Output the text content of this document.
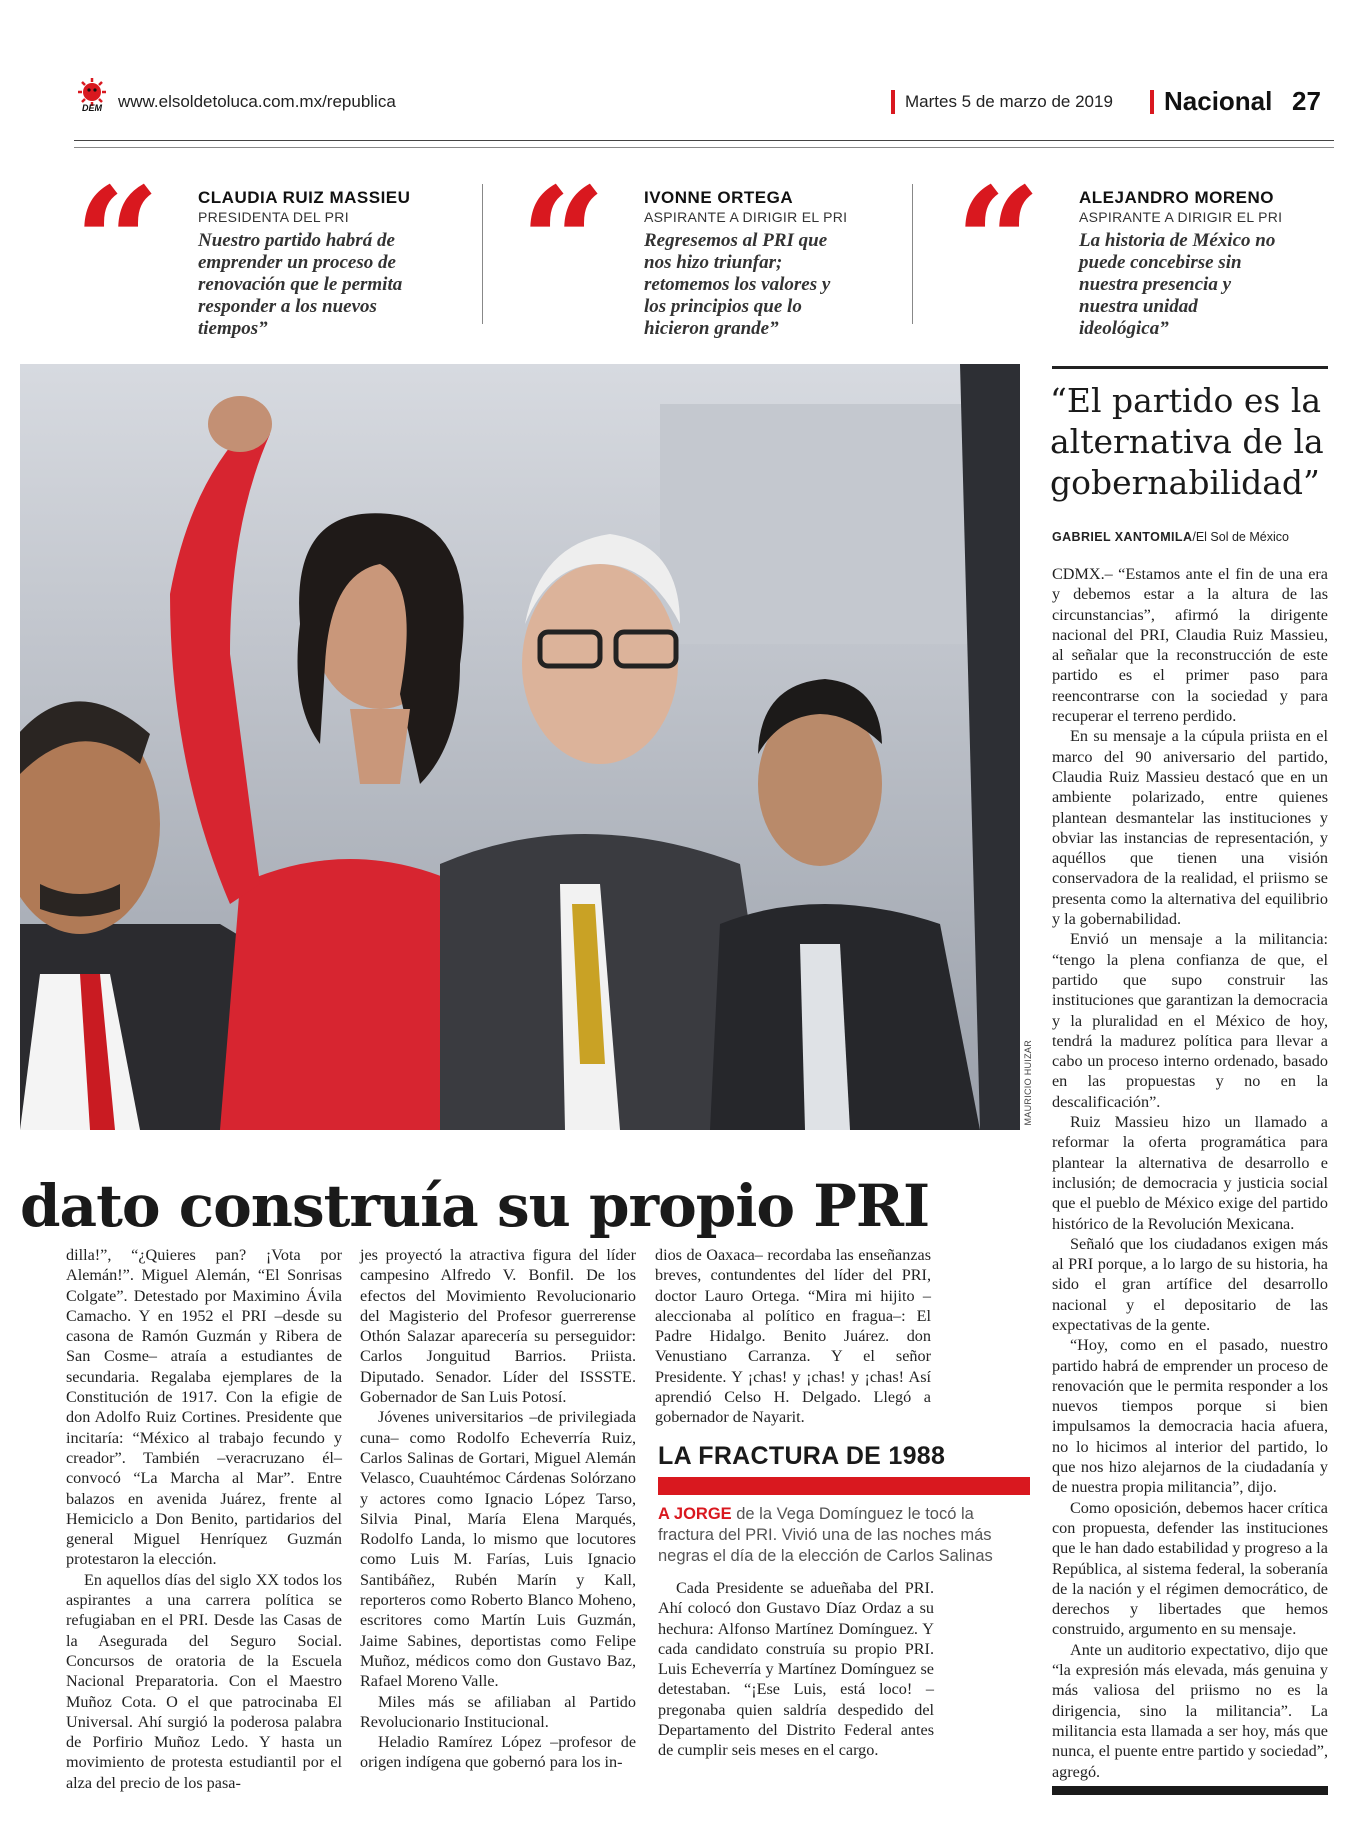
DEM www.elsoldetoluca.com.mx/republica	Martes 5 de marzo de 2019 Nacional 27
“	CLAUDIA RUIZ MASSIEU
PRESIDENTA DEL PRI
Nuestro partido habrá de
emprender un proceso de
renovación que le permita
responder a los nuevos
tiempos”	“	IVONNE ORTEGA
ASPIRANTE A DIRIGIR EL PRI
Regresemos al PRI que
nos hizo triunfar;
retomemos los valores y
los principios que lo
hicieron grande”	“	ALEJANDRO MORENO
ASPIRANTE A DIRIGIR EL PRI
La historia de México no
puede concebirse sin
nuestra presencia y
nuestra unidad
ideológica”
MAURICIO HUIZAR
dato construía su propio PRI

dilla!”, “¿Quieres pan? ¡Vota por Alemán!”. Miguel Alemán, “El Sonrisas Colgate”. Detestado por Maximino Ávila Camacho. Y en 1952 el PRI –desde su casona de Ramón Guzmán y Ribera de San Cosme– atraía a estudiantes de secundaria. Regalaba ejemplares de la Constitución de 1917. Con la efigie de don Adolfo Ruiz Cortines. Presidente que incitaría: “México al trabajo fecundo y creador”. También –veracruzano él– convocó “La Marcha al Mar”. Entre balazos en avenida Juárez, frente al Hemiciclo a Don Benito, partidarios del general Miguel Henríquez Guzmán protestaron la elección.

En aquellos días del siglo XX todos los aspirantes a una carrera política se refugiaban en el PRI. Desde las Casas de la Asegurada del Seguro Social. Concursos de oratoria de la Escuela Nacional Preparatoria. Con el Maestro Muñoz Cota. O el que patrocinaba El Universal. Ahí surgió la poderosa palabra de Porfirio Muñoz Ledo. Y hasta un movimiento de protesta estudiantil por el alza del precio de los pasa-

jes proyectó la atractiva figura del líder campesino Alfredo V. Bonfil. De los efectos del Movimiento Revolucionario del Magisterio del Profesor guerrerense Othón Salazar aparecería su perseguidor: Carlos Jonguitud Barrios. Priista. Diputado. Senador. Líder del ISSSTE. Gobernador de San Luis Potosí.

Jóvenes universitarios –de privilegiada cuna– como Rodolfo Echeverría Ruiz, Carlos Salinas de Gortari, Miguel Alemán Velasco, Cuauhtémoc Cárdenas Solórzano y actores como Ignacio López Tarso, Silvia Pinal, María Elena Marqués, Rodolfo Landa, lo mismo que locutores como Luis M. Farías, Luis Ignacio Santibáñez, Rubén Marín y Kall, reporteros como Roberto Blanco Moheno, escritores como Martín Luis Guzmán, Jaime Sabines, deportistas como Felipe Muñoz, médicos como don Gustavo Baz, Rafael Moreno Valle.

Miles más se afiliaban al Partido Revolucionario Institucional.

Heladio Ramírez López –profesor de origen indígena que gobernó para los in-

dios de Oaxaca– recordaba las enseñanzas breves, contundentes del líder del PRI, doctor Lauro Ortega. “Mira mi hijito –aleccionaba al político en fragua–: El Padre Hidalgo. Benito Juárez. don Venustiano Carranza. Y el señor Presidente. Y ¡chas! y ¡chas! y ¡chas! Así aprendió Celso H. Delgado. Llegó a gobernador de Nayarit.

LA FRACTURA DE 1988
A JORGE de la Vega Domínguez le tocó la fractura del PRI. Vivió una de las noches más negras el día de la elección de Carlos Salinas

Cada Presidente se adueñaba del PRI. Ahí colocó don Gustavo Díaz Ordaz a su hechura: Alfonso Martínez Domínguez. Y cada candidato construía su propio PRI. Luis Echeverría y Martínez Domínguez se detestaban. “¡Ese Luis, está loco! –pregonaba quien saldría despedido del Departamento del Distrito Federal antes de cumplir seis meses en el cargo.

“El partido es la alternativa de la gobernabilidad”
GABRIEL XANTOMILA/El Sol de México

CDMX.– “Estamos ante el fin de una era y debemos estar a la altura de las circunstancias”, afirmó la dirigente nacional del PRI, Claudia Ruiz Massieu, al señalar que la reconstrucción de este partido es el primer paso para reencontrarse con la sociedad y para recuperar el terreno perdido.

En su mensaje a la cúpula priista en el marco del 90 aniversario del partido, Claudia Ruiz Massieu destacó que en un ambiente polarizado, entre quienes plantean desmantelar las instituciones y obviar las instancias de representación, y aquéllos que tienen una visión conservadora de la realidad, el priismo se presenta como la alternativa del equilibrio y la gobernabilidad.

Envió un mensaje a la militancia: “tengo la plena confianza de que, el partido que supo construir las instituciones que garantizan la democracia y la pluralidad en el México de hoy, tendrá la madurez política para llevar a cabo un proceso interno ordenado, basado en las propuestas y no en la descalificación”.

Ruiz Massieu hizo un llamado a reformar la oferta programática para plantear la alternativa de desarrollo e inclusión; de democracia y justicia social que el pueblo de México exige del partido histórico de la Revolución Mexicana.

Señaló que los ciudadanos exigen más al PRI porque, a lo largo de su historia, ha sido el gran artífice del desarrollo nacional y el depositario de las expectativas de la gente.

“Hoy, como en el pasado, nuestro partido habrá de emprender un proceso de renovación que le permita responder a los nuevos tiempos porque si bien impulsamos la democracia hacia afuera, no lo hicimos al interior del partido, lo que nos hizo alejarnos de la ciudadanía y de nuestra propia militancia”, dijo.

Como oposición, debemos hacer crítica con propuesta, defender las instituciones que le han dado estabilidad y progreso a la República, al sistema federal, la soberanía de la nación y el régimen democrático, de derechos y libertades que hemos construido, argumento en su mensaje.

Ante un auditorio expectativo, dijo que “la expresión más elevada, más genuina y más valiosa del priismo no es la dirigencia, sino la militancia”. La militancia esta llamada a ser hoy, más que nunca, el puente entre partido y sociedad”, agregó.
